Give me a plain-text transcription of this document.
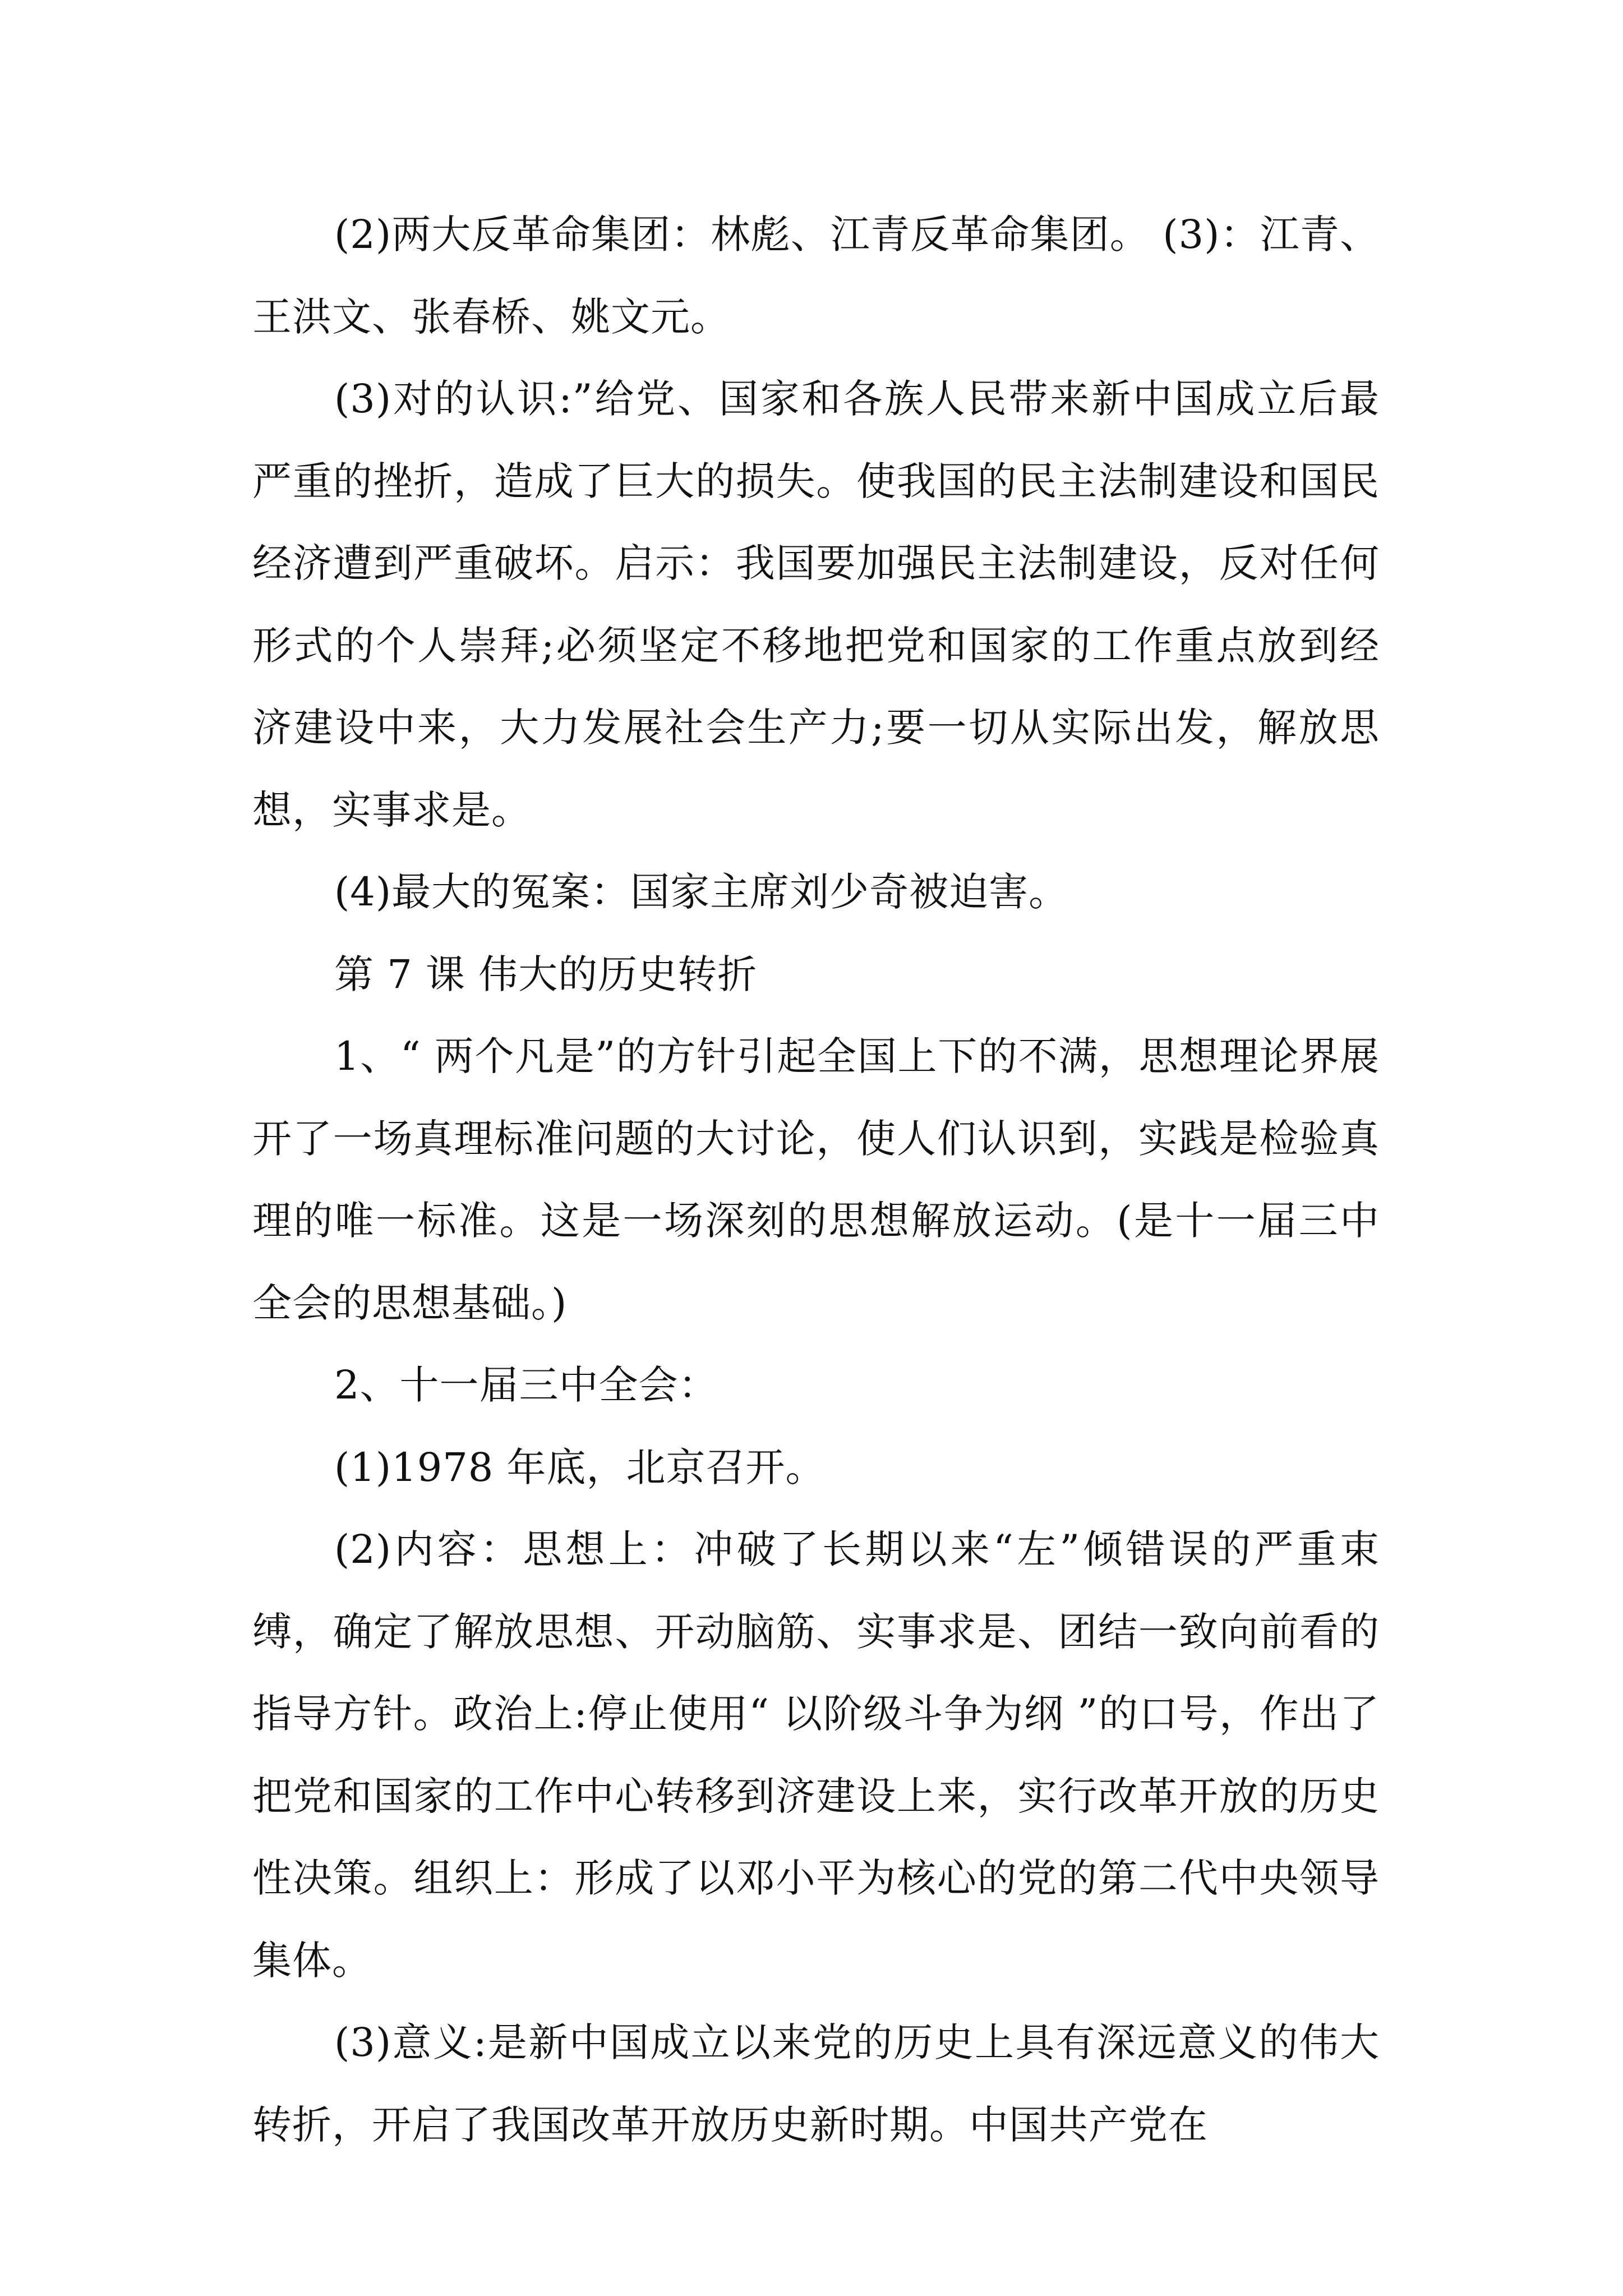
(2)两大反革命集团：林彪、江青反革命集团。 (3)：江青、王洪文、张春桥、姚文元。

(3)对的认识:”给党、国家和各族人民带来新中国成立后最严重的挫折，造成了巨大的损失。使我国的民主法制建设和国民经济遭到严重破坏。启示：我国要加强民主法制建设，反对任何形式的个人崇拜;必须坚定不移地把党和国家的工作重点放到经济建设中来，大力发展社会生产力;要一切从实际出发，解放思想，实事求是。

(4)最大的冤案：国家主席刘少奇被迫害。

第 7 课 伟大的历史转折

1、“ 两个凡是”的方针引起全国上下的不满，思想理论界展开了一场真理标准问题的大讨论，使人们认识到，实践是检验真理的唯一标准。这是一场深刻的思想解放运动。(是十一届三中全会的思想基础。)

2、十一届三中全会：

(1)1978 年底，北京召开。

(2)内容：思想上：冲破了长期以来“左”倾错误的严重束缚，确定了解放思想、开动脑筋、实事求是、团结一致向前看的指导方针。政治上:停止使用“ 以阶级斗争为纲 ”的口号，作出了把党和国家的工作中心转移到济建设上来，实行改革开放的历史性决策。组织上：形成了以邓小平为核心的党的第二代中央领导集体。

(3)意义:是新中国成立以来党的历史上具有深远意义的伟大转折，开启了我国改革开放历史新时期。中国共产党在
